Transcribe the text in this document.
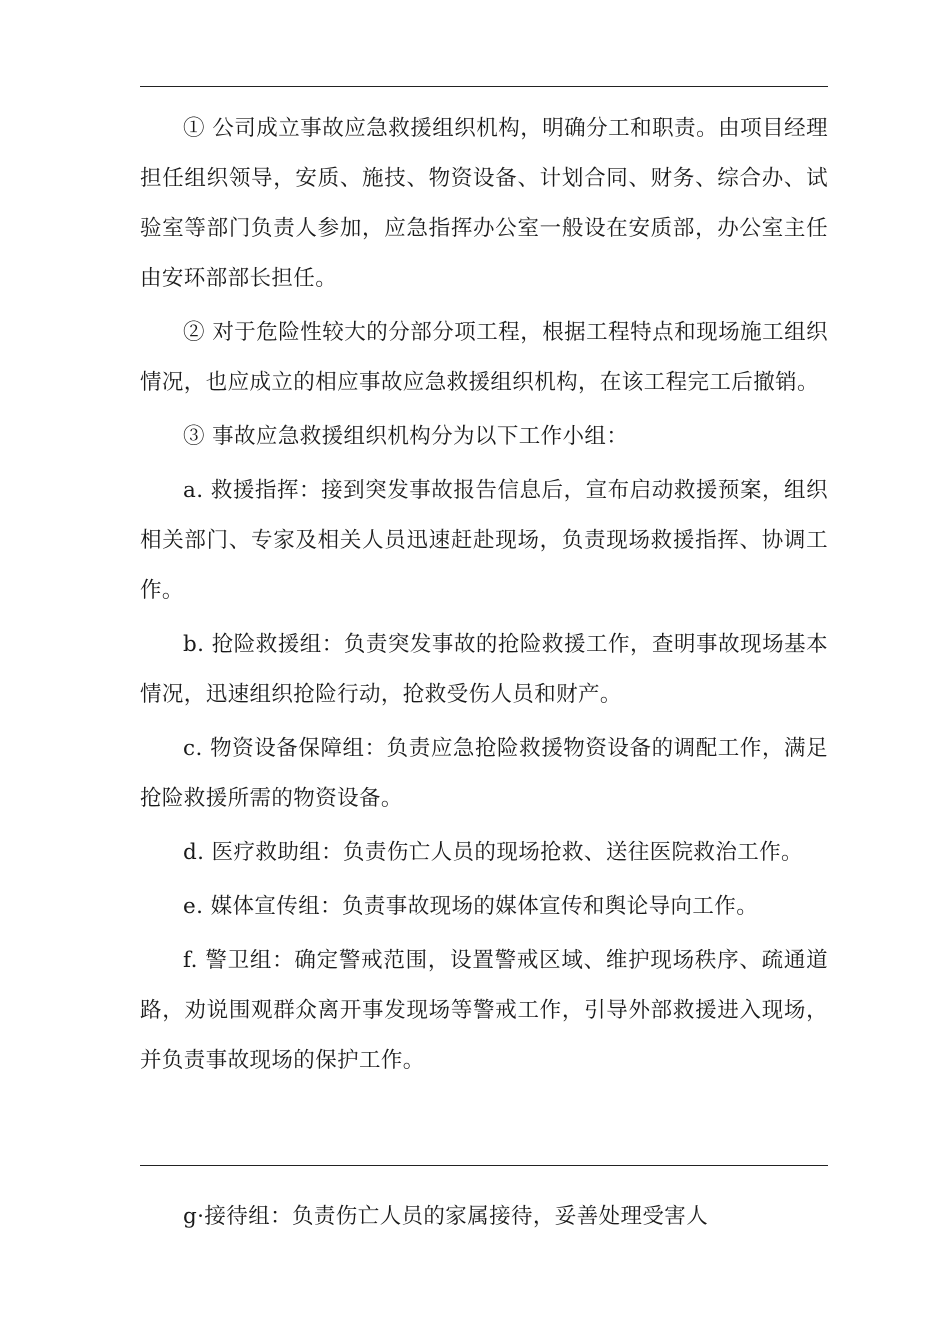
① 公司成立事故应急救援组织机构，明确分工和职责。由项目经理担任组织领导，安质、施技、物资设备、计划合同、财务、综合办、试验室等部门负责人参加，应急指挥办公室一般设在安质部，办公室主任由安环部部长担任。

② 对于危险性较大的分部分项工程，根据工程特点和现场施工组织情况，也应成立的相应事故应急救援组织机构，在该工程完工后撤销。

③ 事故应急救援组织机构分为以下工作小组：

a. 救援指挥：接到突发事故报告信息后，宣布启动救援预案，组织相关部门、专家及相关人员迅速赶赴现场，负责现场救援指挥、协调工作。

b. 抢险救援组：负责突发事故的抢险救援工作，查明事故现场基本情况，迅速组织抢险行动，抢救受伤人员和财产。

c. 物资设备保障组：负责应急抢险救援物资设备的调配工作，满足抢险救援所需的物资设备。

d. 医疗救助组：负责伤亡人员的现场抢救、送往医院救治工作。

e. 媒体宣传组：负责事故现场的媒体宣传和舆论导向工作。

f. 警卫组：确定警戒范围，设置警戒区域、维护现场秩序、疏通道路，劝说围观群众离开事发现场等警戒工作，引导外部救援进入现场，并负责事故现场的保护工作。

g·接待组：负责伤亡人员的家属接待，妥善处理受害人
